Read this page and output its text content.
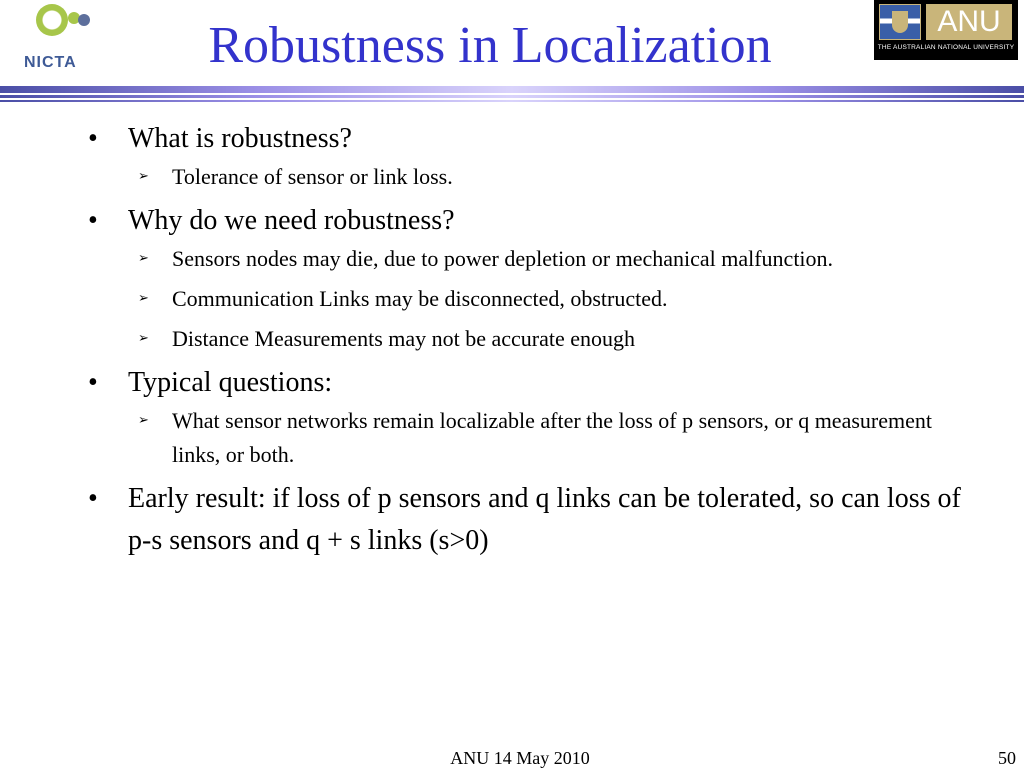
NICTA	Robustness in Localization	ANU
THE AUSTRALIAN NATIONAL UNIVERSITY
• What is robustness?
➢ Tolerance of sensor or link loss.
• Why do we need robustness?
➢ Sensors nodes may die, due to power depletion or mechanical malfunction.
➢ Communication Links may be disconnected, obstructed.
➢ Distance Measurements may not be accurate enough
• Typical questions:
➢ What sensor networks remain localizable after the loss of p sensors, or q measurement links, or both.
• Early result: if loss of p sensors and q links can be tolerated, so can loss of p-s sensors and q + s links (s>0)
ANU 14 May 2010	50
